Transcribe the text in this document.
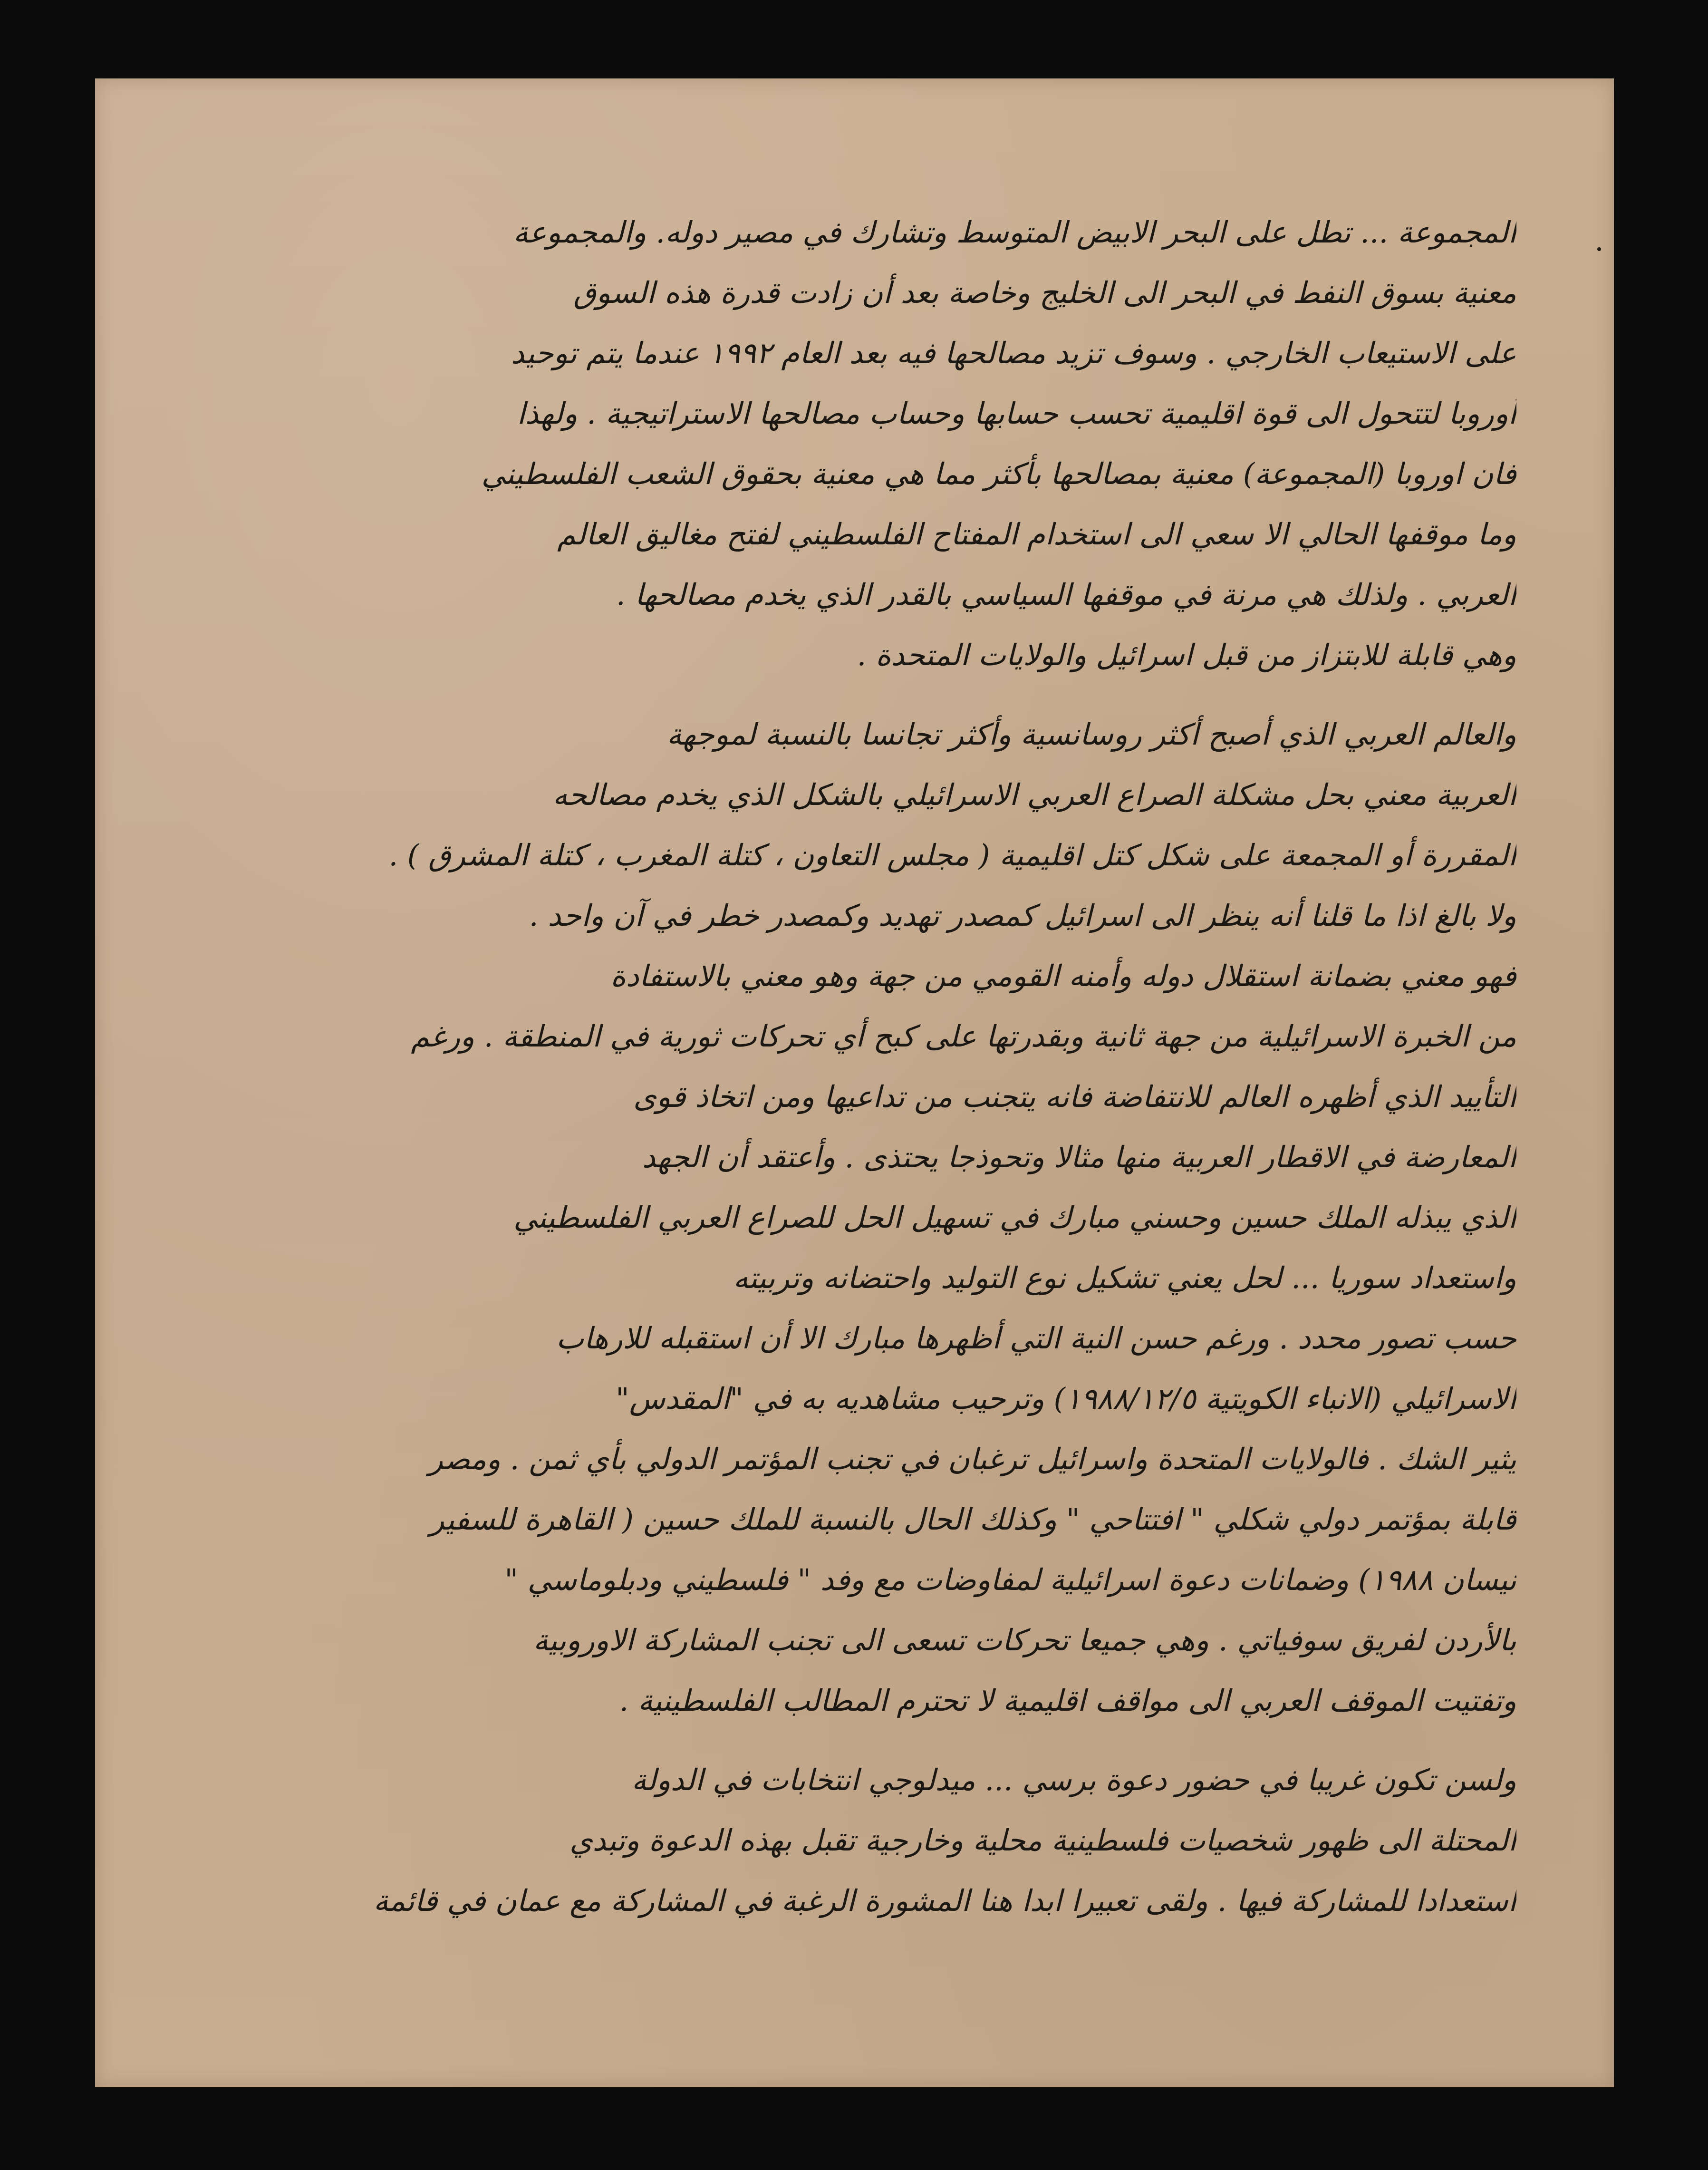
المجموعة ... تطل على البحر الابيض المتوسط وتشارك في مصير دوله. والمجموعة
معنية بسوق النفط في البحر الى الخليج وخاصة بعد أن زادت قدرة هذه السوق
على الاستيعاب الخارجي . وسوف تزيد مصالحها فيه بعد العام ١٩٩٢ عندما يتم توحيد
أوروبا لتتحول الى قوة اقليمية تحسب حسابها وحساب مصالحها الاستراتيجية . ولهذا
فان اوروبا (المجموعة) معنية بمصالحها بأكثر مما هي معنية بحقوق الشعب الفلسطيني
وما موقفها الحالي الا سعي الى استخدام المفتاح الفلسطيني لفتح مغاليق العالم
العربي . ولذلك هي مرنة في موقفها السياسي بالقدر الذي يخدم مصالحها .
وهي قابلة للابتزاز من قبل اسرائيل والولايات المتحدة .
والعالم العربي الذي أصبح أكثر روسانسية وأكثر تجانسا بالنسبة لموجهة
العربية معني بحل مشكلة الصراع العربي الاسرائيلي بالشكل الذي يخدم مصالحه
المقررة أو المجمعة على شكل كتل اقليمية ( مجلس التعاون ، كتلة المغرب ، كتلة المشرق ) .
ولا بالغ اذا ما قلنا أنه ينظر الى اسرائيل كمصدر تهديد وكمصدر خطر في آن واحد .
فهو معني بضمانة استقلال دوله وأمنه القومي من جهة وهو معني بالاستفادة
من الخبرة الاسرائيلية من جهة ثانية وبقدرتها على كبح أي تحركات ثورية في المنطقة . ورغم
التأييد الذي أظهره العالم للانتفاضة فانه يتجنب من تداعيها ومن اتخاذ قوى
المعارضة في الاقطار العربية منها مثالا وتحوذجا يحتذى . وأعتقد أن الجهد
الذي يبذله الملك حسين وحسني مبارك في تسهيل الحل للصراع العربي الفلسطيني
واستعداد سوريا ... لحل يعني تشكيل نوع التوليد واحتضانه وتربيته
حسب تصور محدد . ورغم حسن النية التي أظهرها مبارك الا أن استقبله للارهاب
الاسرائيلي (الانباء الكويتية ١٩٨٨/١٢/٥) وترحيب مشاهديه به في "المقدس"
يثير الشك . فالولايات المتحدة واسرائيل ترغبان في تجنب المؤتمر الدولي بأي ثمن . ومصر
قابلة بمؤتمر دولي شكلي " افتتاحي " وكذلك الحال بالنسبة للملك حسين ( القاهرة للسفير
نيسان ١٩٨٨) وضمانات دعوة اسرائيلية لمفاوضات مع وفد " فلسطيني ودبلوماسي "
بالأردن لفريق سوفياتي . وهي جميعا تحركات تسعى الى تجنب المشاركة الاوروبية
وتفتيت الموقف العربي الى مواقف اقليمية لا تحترم المطالب الفلسطينية .
ولسن تكون غريبا في حضور دعوة برسي ... ميدلوجي انتخابات في الدولة
المحتلة الى ظهور شخصيات فلسطينية محلية وخارجية تقبل بهذه الدعوة وتبدي
استعدادا للمشاركة فيها . ولقى تعبيرا ابدا هنا المشورة الرغبة في المشاركة مع عمان في قائمة
